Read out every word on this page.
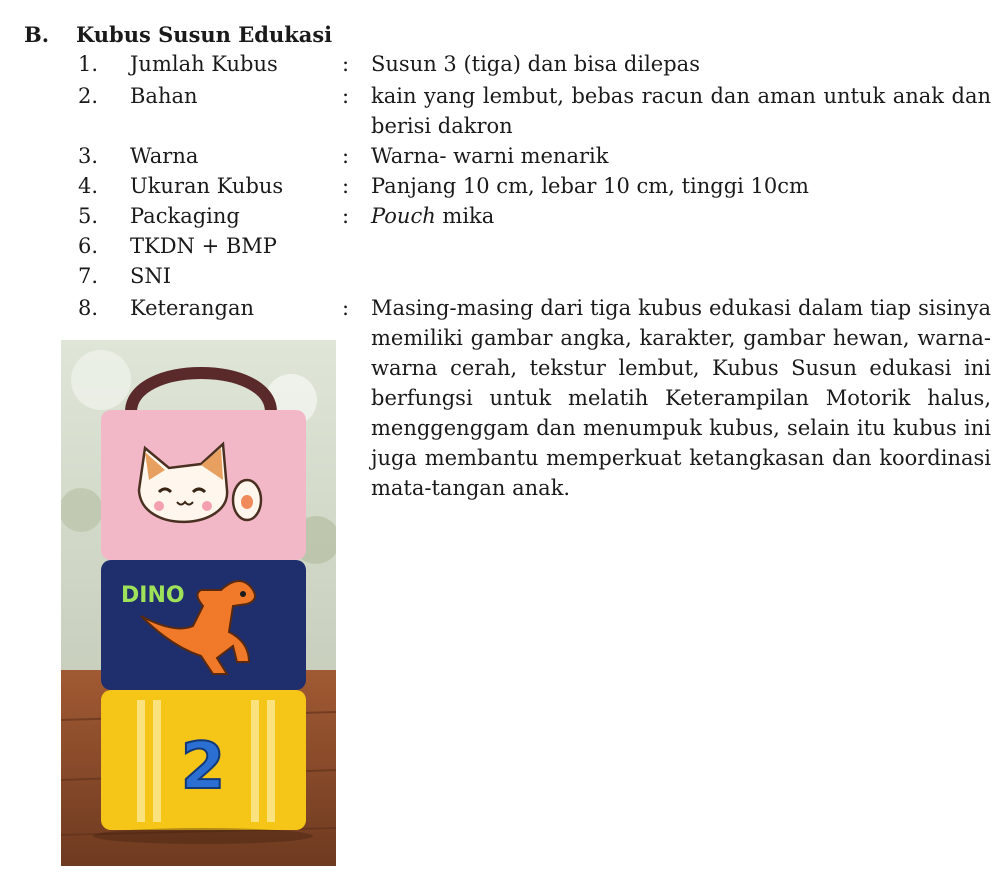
B. Kubus Susun Edukasi
1.	Jumlah Kubus	: Susun 3 (tiga) dan bisa dilepas
2.	Bahan	: kain yang lembut, bebas racun dan aman untuk anak dan berisi dakron
3.	Warna	: Warna- warni menarik
4.	Ukuran Kubus	: Panjang 10 cm, lebar 10 cm, tinggi 10cm
5.	Packaging	: Pouch mika
6.	TKDN + BMP
7.	SNI
8.	Keterangan	: Masing-masing dari tiga kubus edukasi dalam tiap sisinya memiliki gambar angka, karakter, gambar hewan, warna-warna cerah, tekstur lembut, Kubus Susun edukasi ini berfungsi untuk melatih Keterampilan Motorik halus, menggenggam dan menumpuk kubus, selain itu kubus ini juga membantu memperkuat ketangkasan dan koordinasi mata-tangan anak.
DINO
2
